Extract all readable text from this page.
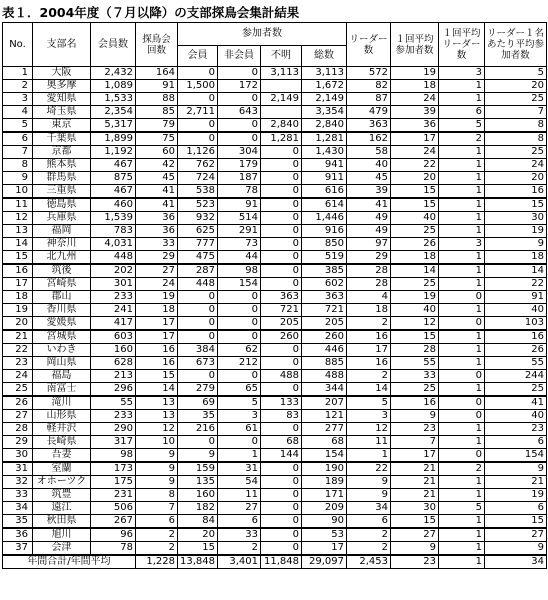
表１．2004年度（７月以降）の支部探鳥会集計結果
No.	支部名	会員数	探鳥会回数	参加者数				リーダー数	１回平均参加者数	１回平均リーダー数	リーダー１名あたり平均参加者数
				会員	非会員	不明	総数				
1	大阪	2,432	164	0	0	3,113	3,113	572	19	3	5
2	奥多摩	1,089	91	1,500	172		1,672	82	18	1	20
3	愛知県	1,533	88	0	0	2,149	2,149	87	24	1	25
4	埼玉県	2,354	85	2,711	643		3,354	479	39	6	7
5	東京	5,317	79	0	0	2,840	2,840	363	36	5	8
6	千葉県	1,899	75	0	0	1,281	1,281	162	17	2	8
7	京都	1,192	60	1,126	304	0	1,430	58	24	1	25
8	熊本県	467	42	762	179	0	941	40	22	1	24
9	群馬県	875	45	724	187	0	911	45	20	1	20
10	三重県	467	41	538	78	0	616	39	15	1	16
11	徳島県	460	41	523	91	0	614	41	15	1	15
12	兵庫県	1,539	36	932	514	0	1,446	49	40	1	30
13	福岡	783	36	625	291	0	916	49	25	1	19
14	神奈川	4,031	33	777	73	0	850	97	26	3	9
15	北九州	448	29	475	44	0	519	29	18	1	18
16	筑後	202	27	287	98	0	385	28	14	1	14
17	宮崎県	301	24	448	154	0	602	28	25	1	22
18	郡山	233	19	0	0	363	363	4	19	0	91
19	香川県	241	18	0	0	721	721	18	40	1	40
20	愛媛県	417	17	0	0	205	205	2	12	0	103
21	宮城県	603	17	0	0	260	260	16	15	1	16
22	いわき	160	16	384	62	0	446	17	28	1	26
23	岡山県	628	16	673	212	0	885	16	55	1	55
24	福島	213	15	0	0	488	488	2	33	0	244
25	南富士	296	14	279	65	0	344	14	25	1	25
26	滝川	55	13	69	5	133	207	5	16	0	41
27	山形県	233	13	35	3	83	121	3	9	0	40
28	軽井沢	290	12	216	61	0	277	12	23	1	23
29	長崎県	317	10	0	0	68	68	11	7	1	6
30	吾妻	98	9	9	1	144	154	1	17	0	154
31	室蘭	173	9	159	31	0	190	22	21	2	9
32	オホーツク	175	9	135	54	0	189	9	21	1	21
33	筑豊	231	8	160	11	0	171	9	21	1	19
34	遠江	506	7	182	27	0	209	34	30	5	6
35	秋田県	267	6	84	6	0	90	6	15	1	15
36	旭川	96	2	20	33	0	53	2	27	1	27
37	会津	78	2	15	2	0	17	2	9	1	9
年間合計/年間平均			1,228	13,848	3,401	11,848	29,097	2,453	23	1	34
